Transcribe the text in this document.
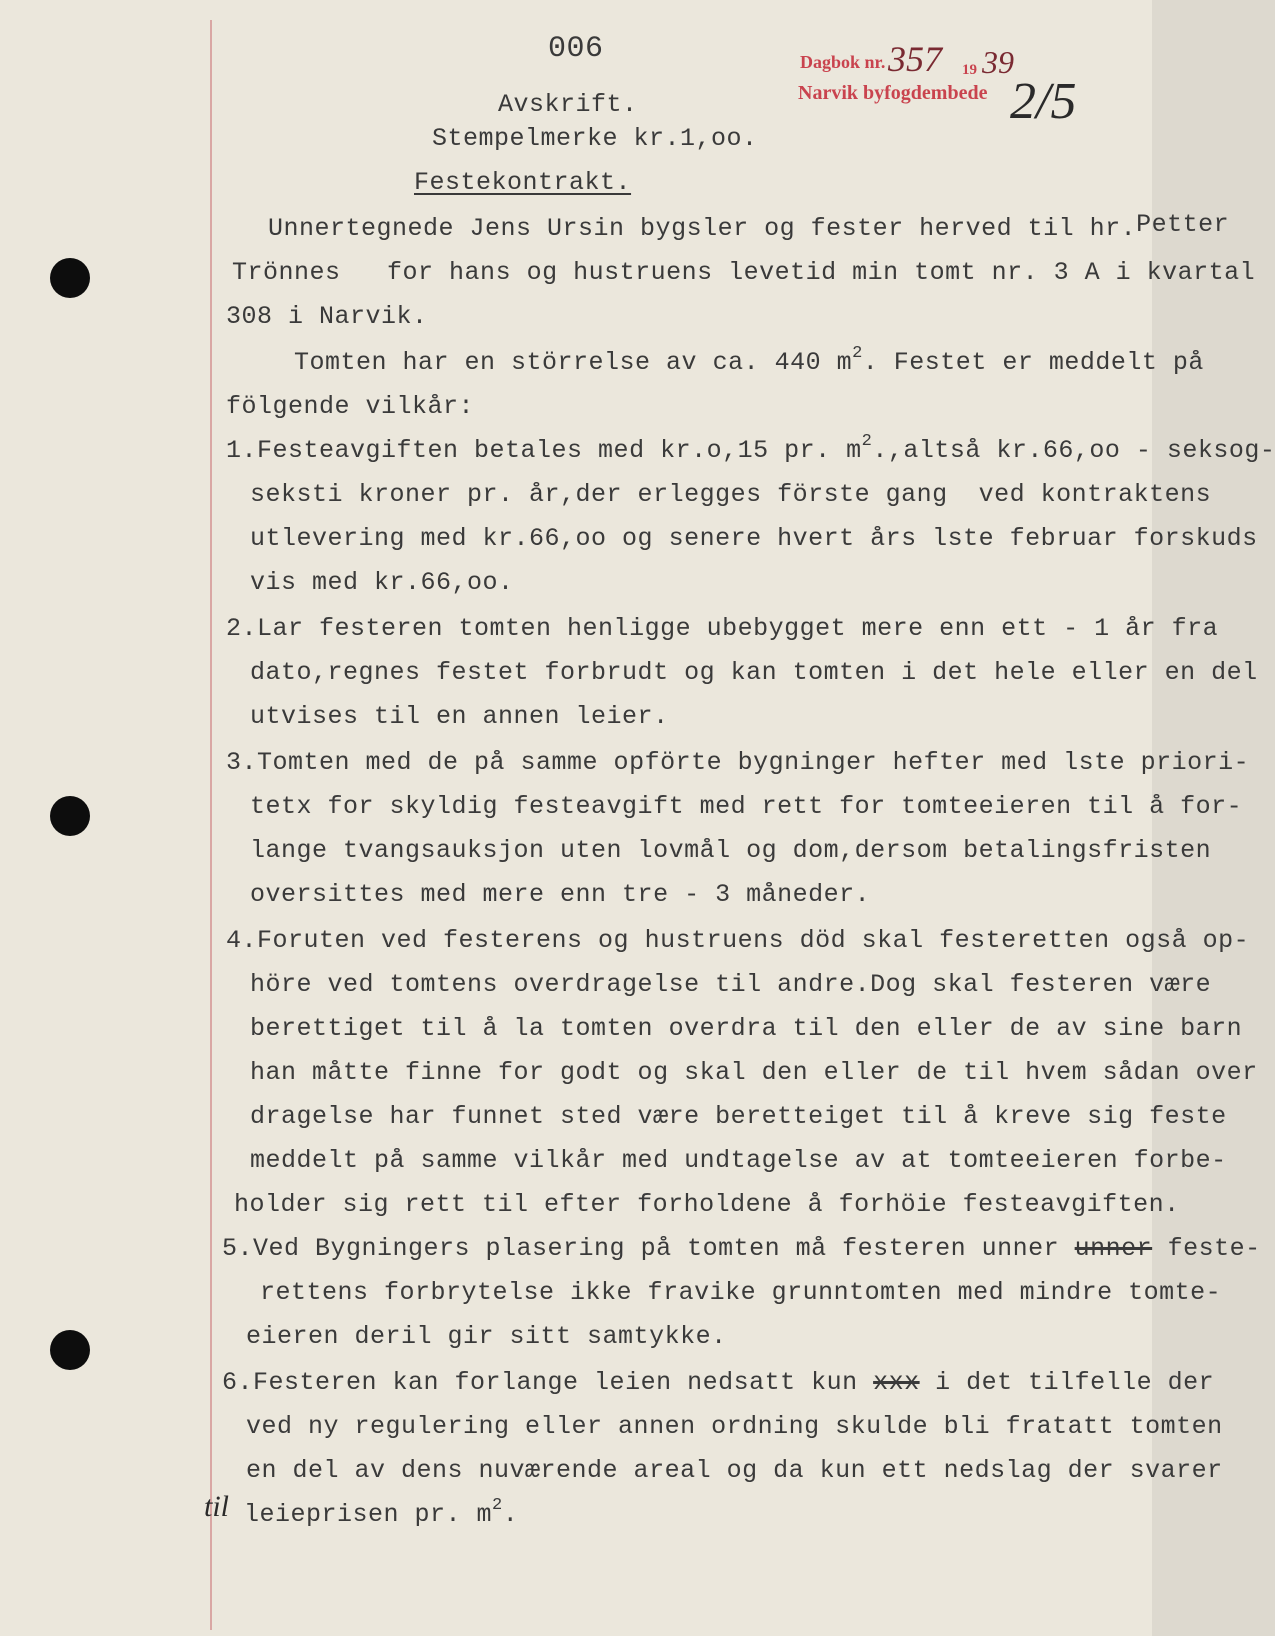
006	Dagbok nr. 357 19 39
Narvik byfogdembede 2/5
Avskrift.
Stempelmerke kr.1,oo.
Festekontrakt.
Unnertegnede Jens Ursin bygsler og fester herved til hr.Petter
Trönnes for hans og hustruens levetid min tomt nr. 3 A i kvartal
308 i Narvik.
Tomten har en störrelse av ca. 440 $m^2$. Festet er meddelt på
fölgende vilkår:
1.Festeavgiften betales med kr.o,15 pr. $m^2.,altså$ kr.66,oo - seksog-
seksti kroner pr. år,der erlegges förste gang  ved kontraktens
utlevering med kr.66,oo og senere hvert års lste februar forskuds
vis med kr.66,oo.
2.Lar festeren tomten henligge ubebygget mere enn ett - 1 år fra
dato,regnes festet forbrudt og kan tomten i det hele eller en del
utvises til en annen leier.
3.Tomten med de på samme opförte bygninger hefter med lste priori-
tetx for skyldig festeavgift med rett for tomteeieren til å for-
lange tvangsauksjon uten lovmål og dom,dersom betalingsfristen
oversittes med mere enn tre - 3 måneder.
4.Foruten ved festerens og hustruens död skal festeretten også op-
höre ved tomtens overdragelse til andre.Dog skal festeren være
berettiget til å la tomten overdra til den eller de av sine barn
han måtte finne for godt og skal den eller de til hvem sådan over
dragelse har funnet sted være beretteiget til å kreve sig feste
meddelt på samme vilkår med undtagelse av at tomteeieren forbe-
holder sig rett til efter forholdene å forhöie festeavgiften.
5.Ved Bygningers plasering på tomten må festeren unner unner feste-
rettens forbrytelse ikke fravike grunntomten med mindre tomte-
eieren deril gir sitt samtykke.
6.Festeren kan forlange leien nedsatt kun xxx i det tilfelle der
ved ny regulering eller annen ordning skulde bli fratatt tomten
en del av dens nuværende areal og da kun ett nedslag der svarer
til leieprisen pr. $m^2$.
